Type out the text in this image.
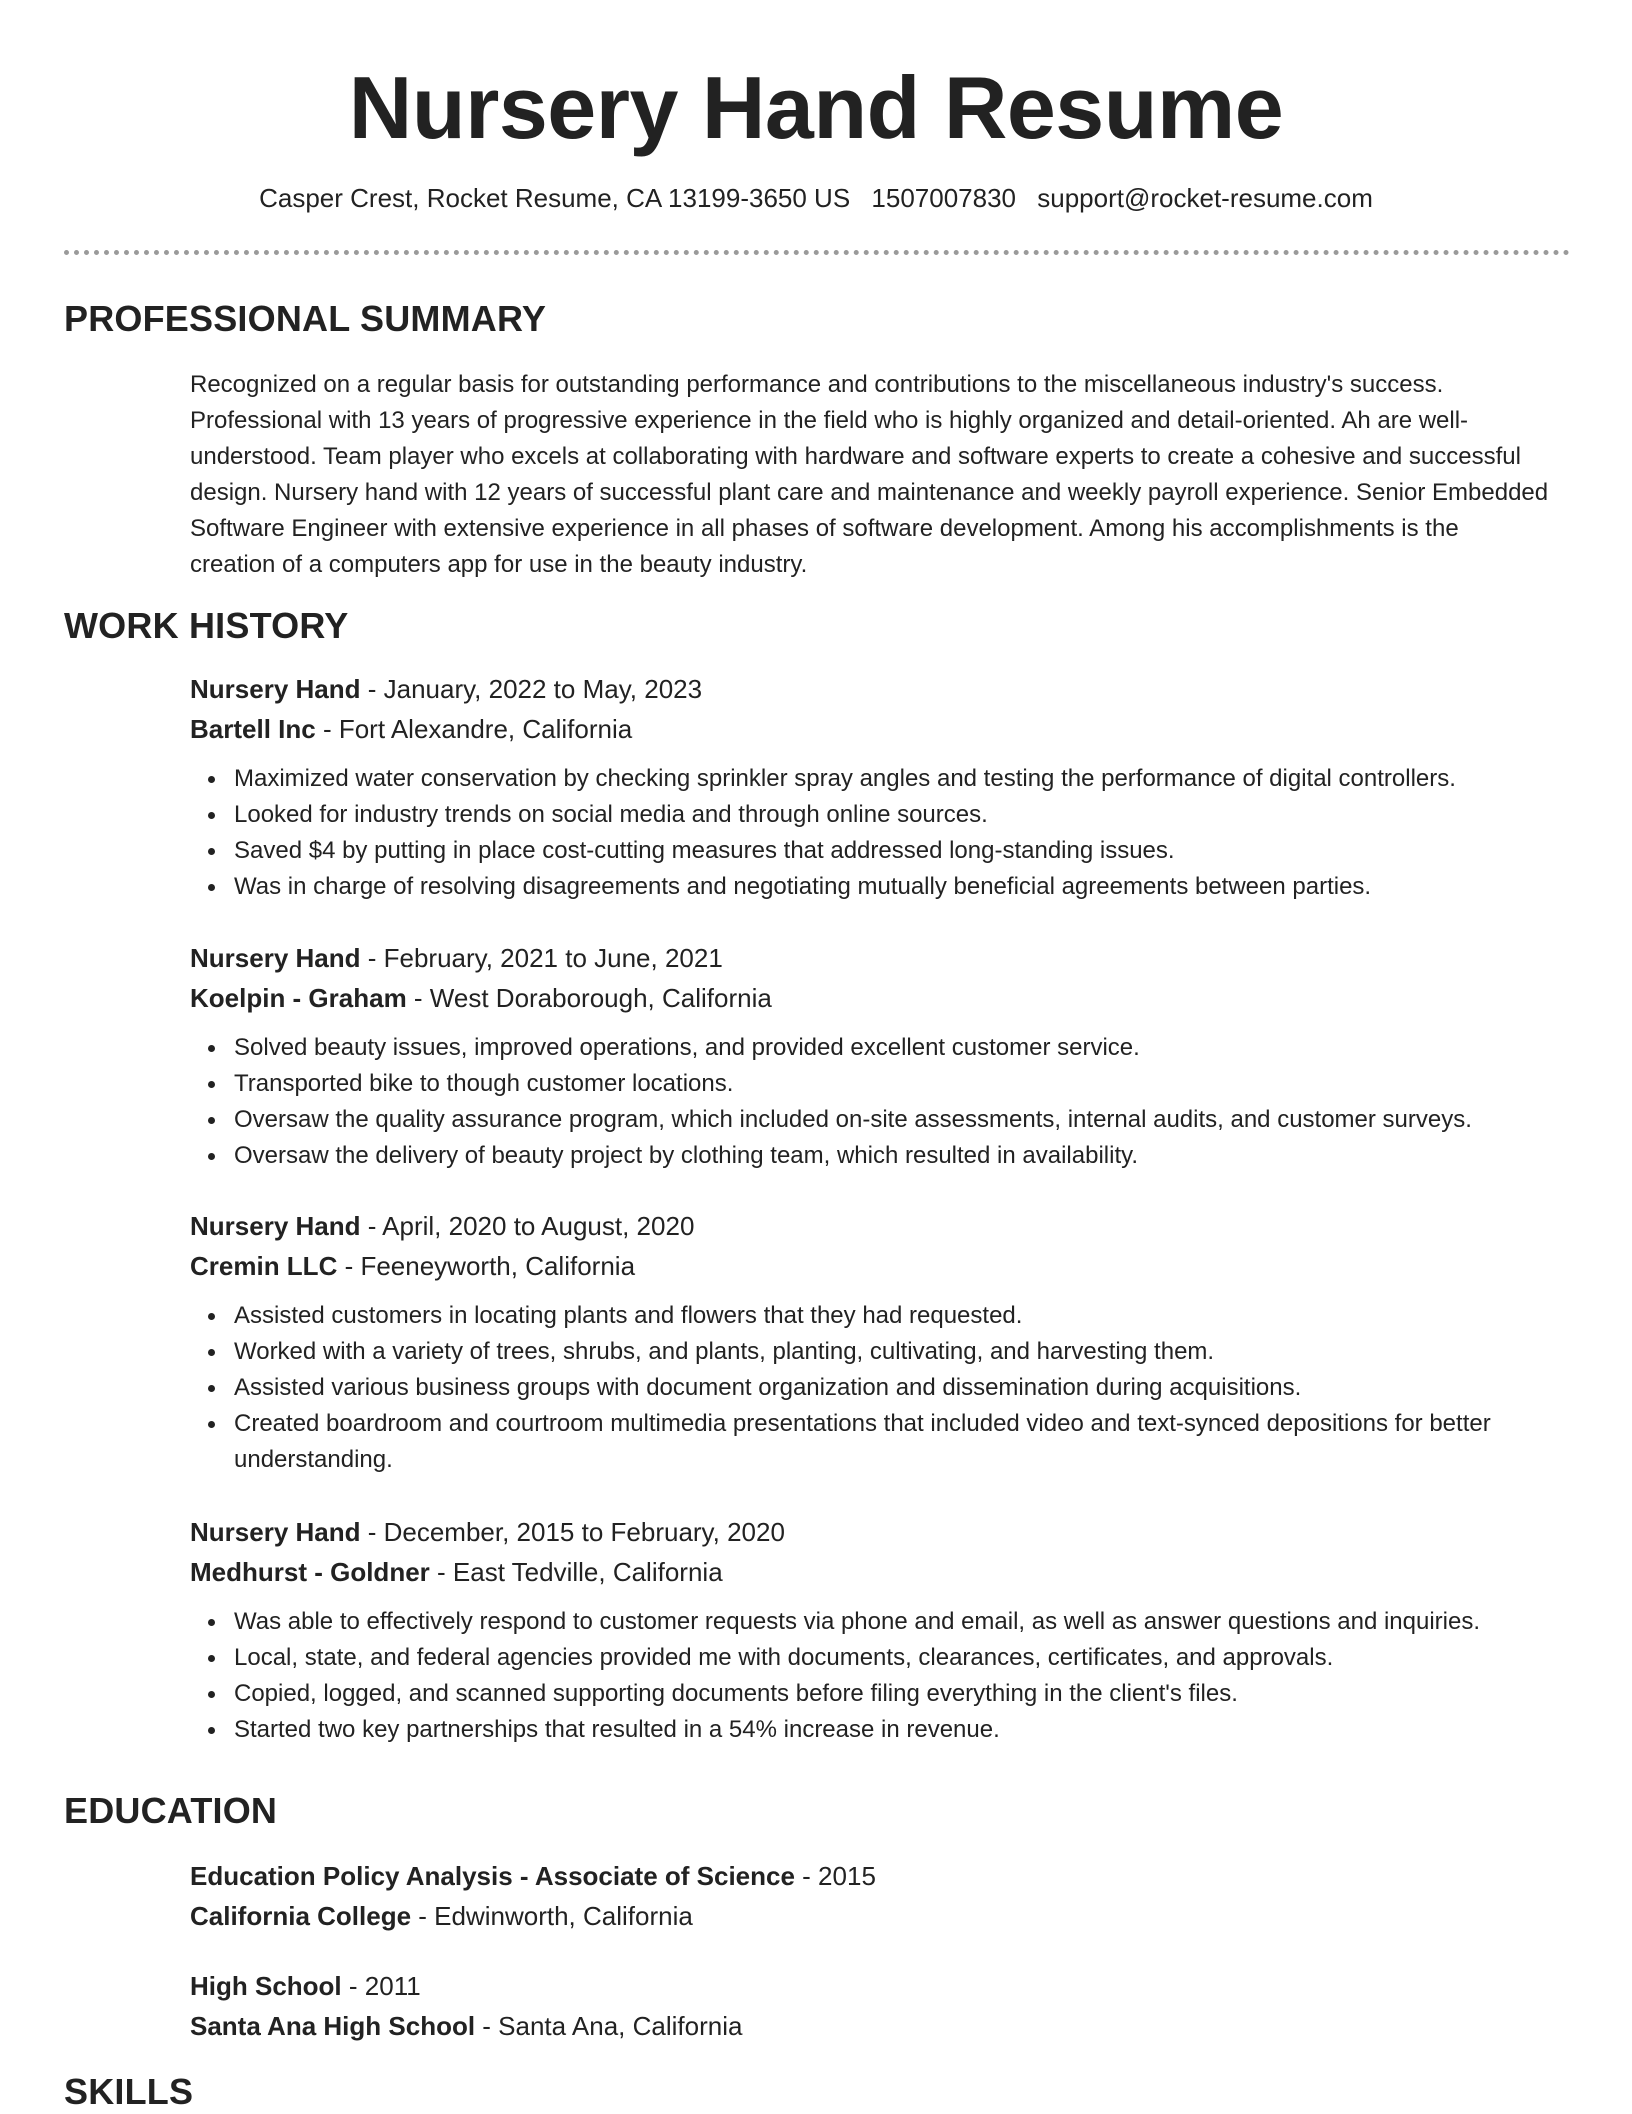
Nursery Hand Resume
Casper Crest, Rocket Resume, CA 13199-3650 US 1507007830 support@rocket-resume.com
PROFESSIONAL SUMMARY
Recognized on a regular basis for outstanding performance and contributions to the miscellaneous industry's success. Professional with 13 years of progressive experience in the field who is highly organized and detail-oriented. Ah are well-understood. Team player who excels at collaborating with hardware and software experts to create a cohesive and successful design. Nursery hand with 12 years of successful plant care and maintenance and weekly payroll experience. Senior Embedded Software Engineer with extensive experience in all phases of software development. Among his accomplishments is the creation of a computers app for use in the beauty industry.
WORK HISTORY
Nursery Hand - January, 2022 to May, 2023
Bartell Inc - Fort Alexandre, California
Maximized water conservation by checking sprinkler spray angles and testing the performance of digital controllers.
Looked for industry trends on social media and through online sources.
Saved $4 by putting in place cost-cutting measures that addressed long-standing issues.
Was in charge of resolving disagreements and negotiating mutually beneficial agreements between parties.
Nursery Hand - February, 2021 to June, 2021
Koelpin - Graham - West Doraborough, California
Solved beauty issues, improved operations, and provided excellent customer service.
Transported bike to though customer locations.
Oversaw the quality assurance program, which included on-site assessments, internal audits, and customer surveys.
Oversaw the delivery of beauty project by clothing team, which resulted in availability.
Nursery Hand - April, 2020 to August, 2020
Cremin LLC - Feeneyworth, California
Assisted customers in locating plants and flowers that they had requested.
Worked with a variety of trees, shrubs, and plants, planting, cultivating, and harvesting them.
Assisted various business groups with document organization and dissemination during acquisitions.
Created boardroom and courtroom multimedia presentations that included video and text-synced depositions for better understanding.
Nursery Hand - December, 2015 to February, 2020
Medhurst - Goldner - East Tedville, California
Was able to effectively respond to customer requests via phone and email, as well as answer questions and inquiries.
Local, state, and federal agencies provided me with documents, clearances, certificates, and approvals.
Copied, logged, and scanned supporting documents before filing everything in the client's files.
Started two key partnerships that resulted in a 54% increase in revenue.
EDUCATION
Education Policy Analysis - Associate of Science - 2015
California College - Edwinworth, California
High School - 2011
Santa Ana High School - Santa Ana, California
SKILLS
